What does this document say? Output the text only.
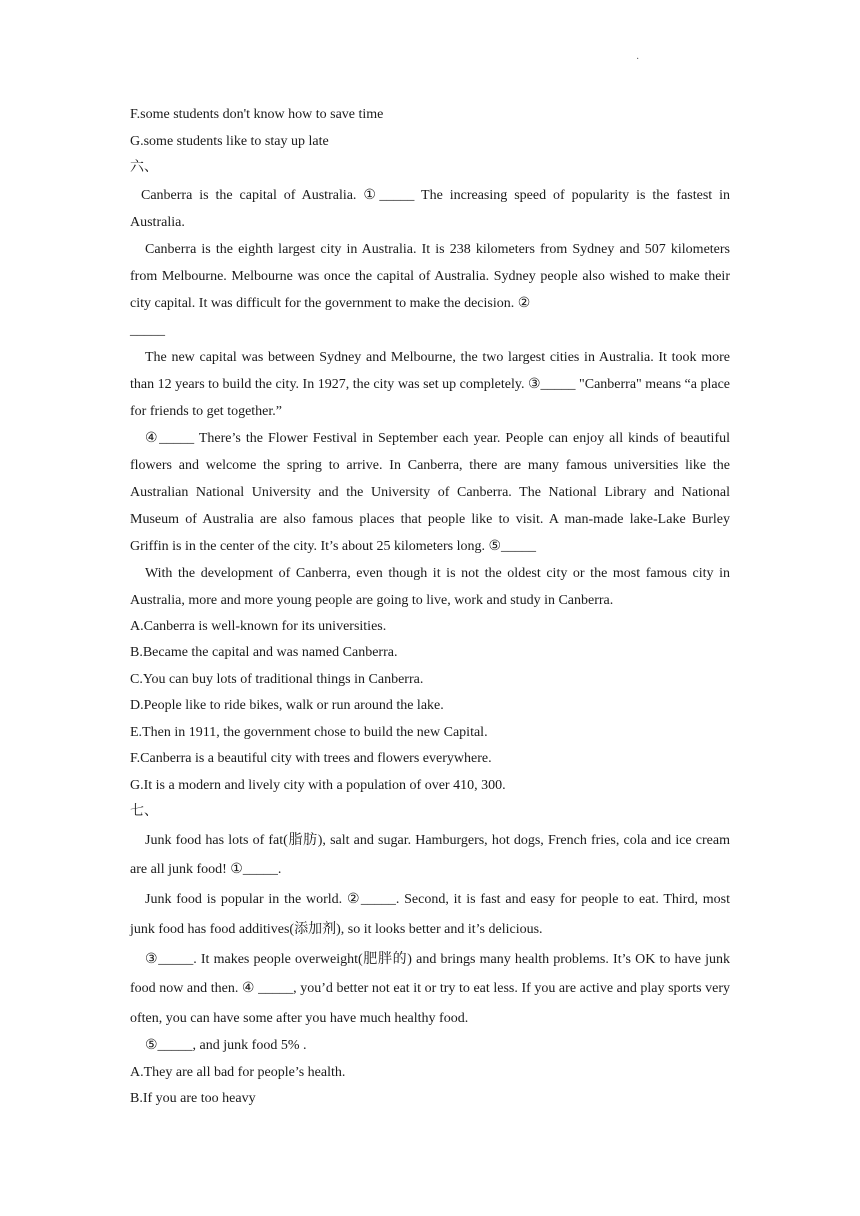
·

F.some students don't know how to save time

G.some students like to stay up late

六、

Canberra is the capital of Australia. ①_____ The increasing speed of popularity is the fastest in Australia.

Canberra is the eighth largest city in Australia. It is 238 kilometers from Sydney and 507 kilometers from Melbourne. Melbourne was once the capital of Australia. Sydney people also wished to make their city capital. It was difficult for the government to make the decision. ②

_____

The new capital was between Sydney and Melbourne, the two largest cities in Australia. It took more than 12 years to build the city. In 1927, the city was set up completely. ③_____ "Canberra" means “a place for friends to get together.”

④_____ There’s the Flower Festival in September each year. People can enjoy all kinds of beautiful flowers and welcome the spring to arrive. In Canberra, there are many famous universities like the Australian National University and the University of Canberra. The National Library and National Museum of Australia are also famous places that people like to visit. A man-made lake-Lake Burley Griffin is in the center of the city. It’s about 25 kilometers long. ⑤_____

With the development of Canberra, even though it is not the oldest city or the most famous city in Australia, more and more young people are going to live, work and study in Canberra.

A.Canberra is well-known for its universities.

B.Became the capital and was named Canberra.

C.You can buy lots of traditional things in Canberra.

D.People like to ride bikes, walk or run around the lake.

E.Then in 1911, the government chose to build the new Capital.

F.Canberra is a beautiful city with trees and flowers everywhere.

G.It is a modern and lively city with a population of over 410, 300.

七、

Junk food has lots of fat(脂肪), salt and sugar. Hamburgers, hot dogs, French fries, cola and ice cream are all junk food! ①_____.

Junk food is popular in the world. ②_____. Second, it is fast and easy for people to eat. Third, most junk food has food additives(添加剂), so it looks better and it’s delicious.

③_____. It makes people overweight(肥胖的) and brings many health problems. It’s OK to have junk food now and then. ④ _____, you’d better not eat it or try to eat less. If you are active and play sports very often, you can have some after you have much healthy food.

⑤_____, and junk food 5% .

A.They are all bad for people’s health.

B.If you are too heavy
